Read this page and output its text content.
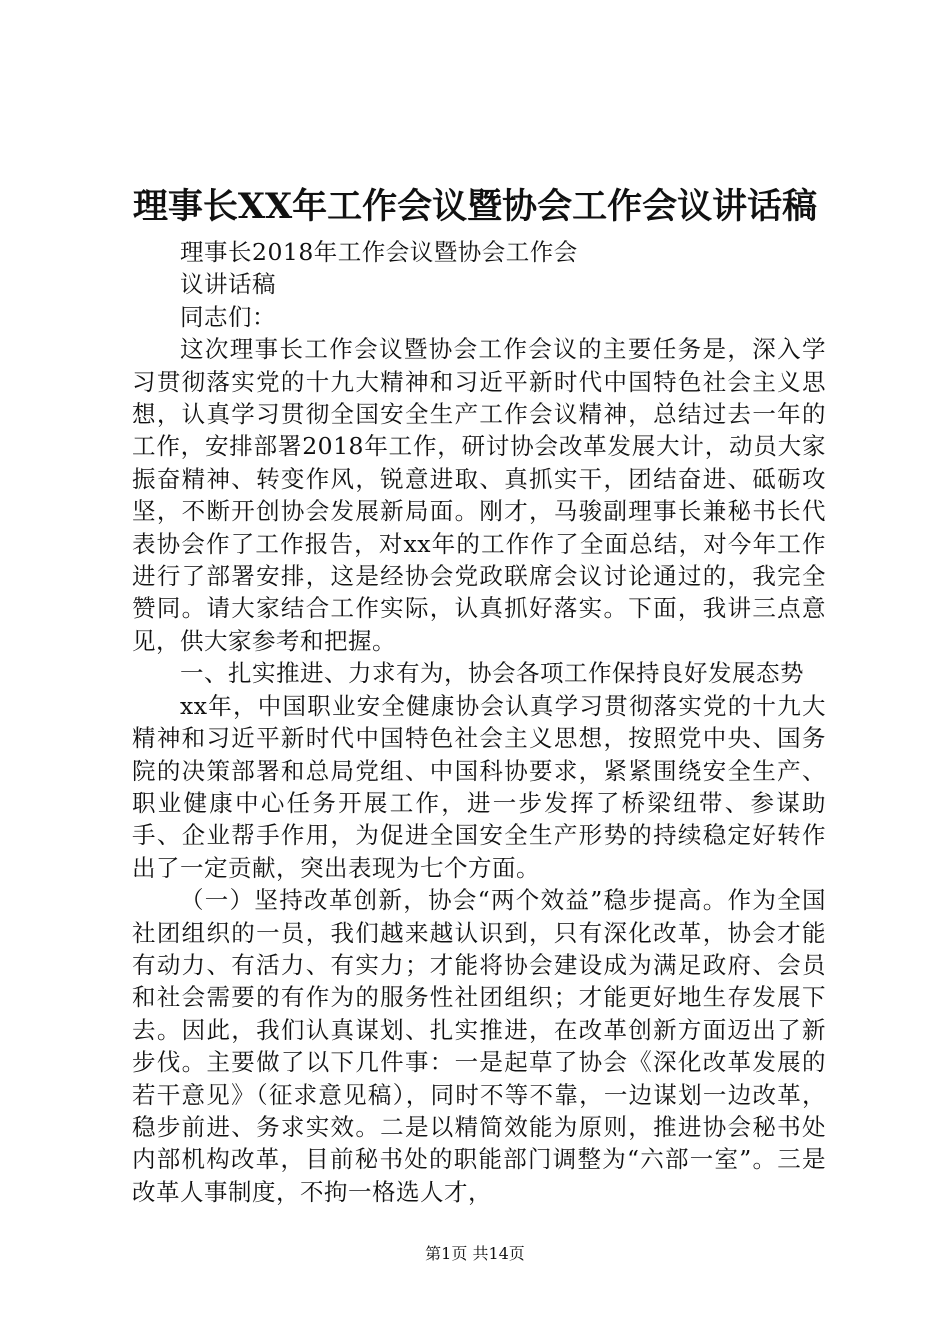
理事长XX年工作会议暨协会工作会议讲话稿

理事长2018年工作会议暨协会工作会

议讲话稿

同志们：

这次理事长工作会议暨协会工作会议的主要任务是，深入学习贯彻落实党的十九大精神和习近平新时代中国特色社会主义思想，认真学习贯彻全国安全生产工作会议精神，总结过去一年的工作，安排部署2018年工作，研讨协会改革发展大计，动员大家振奋精神、转变作风，锐意进取、真抓实干，团结奋进、砥砺攻坚，不断开创协会发展新局面。刚才，马骏副理事长兼秘书长代表协会作了工作报告，对xx年的工作作了全面总结，对今年工作进行了部署安排，这是经协会党政联席会议讨论通过的，我完全赞同。请大家结合工作实际，认真抓好落实。下面，我讲三点意见，供大家参考和把握。

一、扎实推进、力求有为，协会各项工作保持良好发展态势

xx年，中国职业安全健康协会认真学习贯彻落实党的十九大精神和习近平新时代中国特色社会主义思想，按照党中央、国务院的决策部署和总局党组、中国科协要求，紧紧围绕安全生产、职业健康中心任务开展工作，进一步发挥了桥梁纽带、参谋助手、企业帮手作用，为促进全国安全生产形势的持续稳定好转作出了一定贡献，突出表现为七个方面。

（一）坚持改革创新，协会“两个效益”稳步提高。作为全国社团组织的一员，我们越来越认识到，只有深化改革，协会才能有动力、有活力、有实力；才能将协会建设成为满足政府、会员和社会需要的有作为的服务性社团组织；才能更好地生存发展下去。因此，我们认真谋划、扎实推进，在改革创新方面迈出了新步伐。主要做了以下几件事：一是起草了协会《深化改革发展的若干意见》（征求意见稿），同时不等不靠，一边谋划一边改革，稳步前进、务求实效。二是以精简效能为原则，推进协会秘书处内部机构改革，目前秘书处的职能部门调整为“六部一室”。三是改革人事制度，不拘一格选人才，

第1页 共14页
